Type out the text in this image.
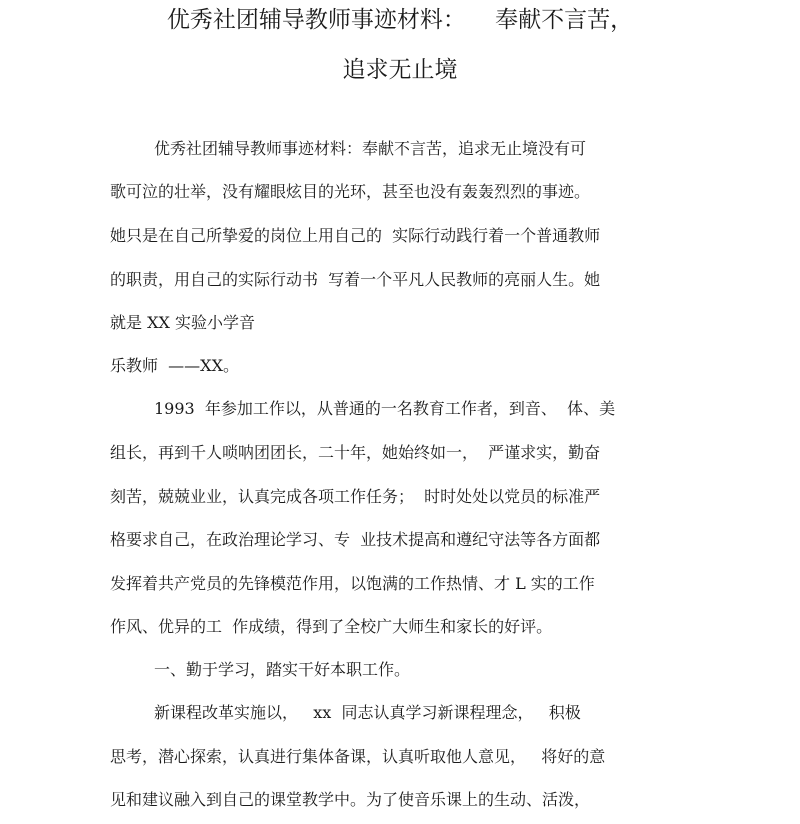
优秀社团辅导教师事迹材料：    奉献不言苦，
追求无止境

优秀社团辅导教师事迹材料：奉献不言苦，追求无止境没有可

歌可泣的壮举，没有耀眼炫目的光环，甚至也没有轰轰烈烈的事迹。

她只是在自己所挚爱的岗位上用自己的  实际行动践行着一个普通教师

的职责，用自己的实际行动书  写着一个平凡人民教师的亮丽人生。她

就是 XX 实验小学音

乐教师  ——XX。

1993  年参加工作以，从普通的一名教育工作者，到音、  体、美

组长，再到千人唢呐团团长，二十年，她始终如一，  严谨求实，勤奋

刻苦，兢兢业业，认真完成各项工作任务；  时时处处以党员的标准严

格要求自己，在政治理论学习、专  业技术提高和遵纪守法等各方面都

发挥着共产党员的先锋模范作用，以饱满的工作热情、才 L 实的工作

作风、优异的工  作成绩，得到了全校广大师生和家长的好评。

一、勤于学习，踏实干好本职工作。

新课程改革实施以，   xx  同志认真学习新课程理念，   积极

思考，潜心探索，认真进行集体备课，认真听取他人意见，   将好的意

见和建议融入到自己的课堂教学中。为了使音乐课上的生动、活泼，
